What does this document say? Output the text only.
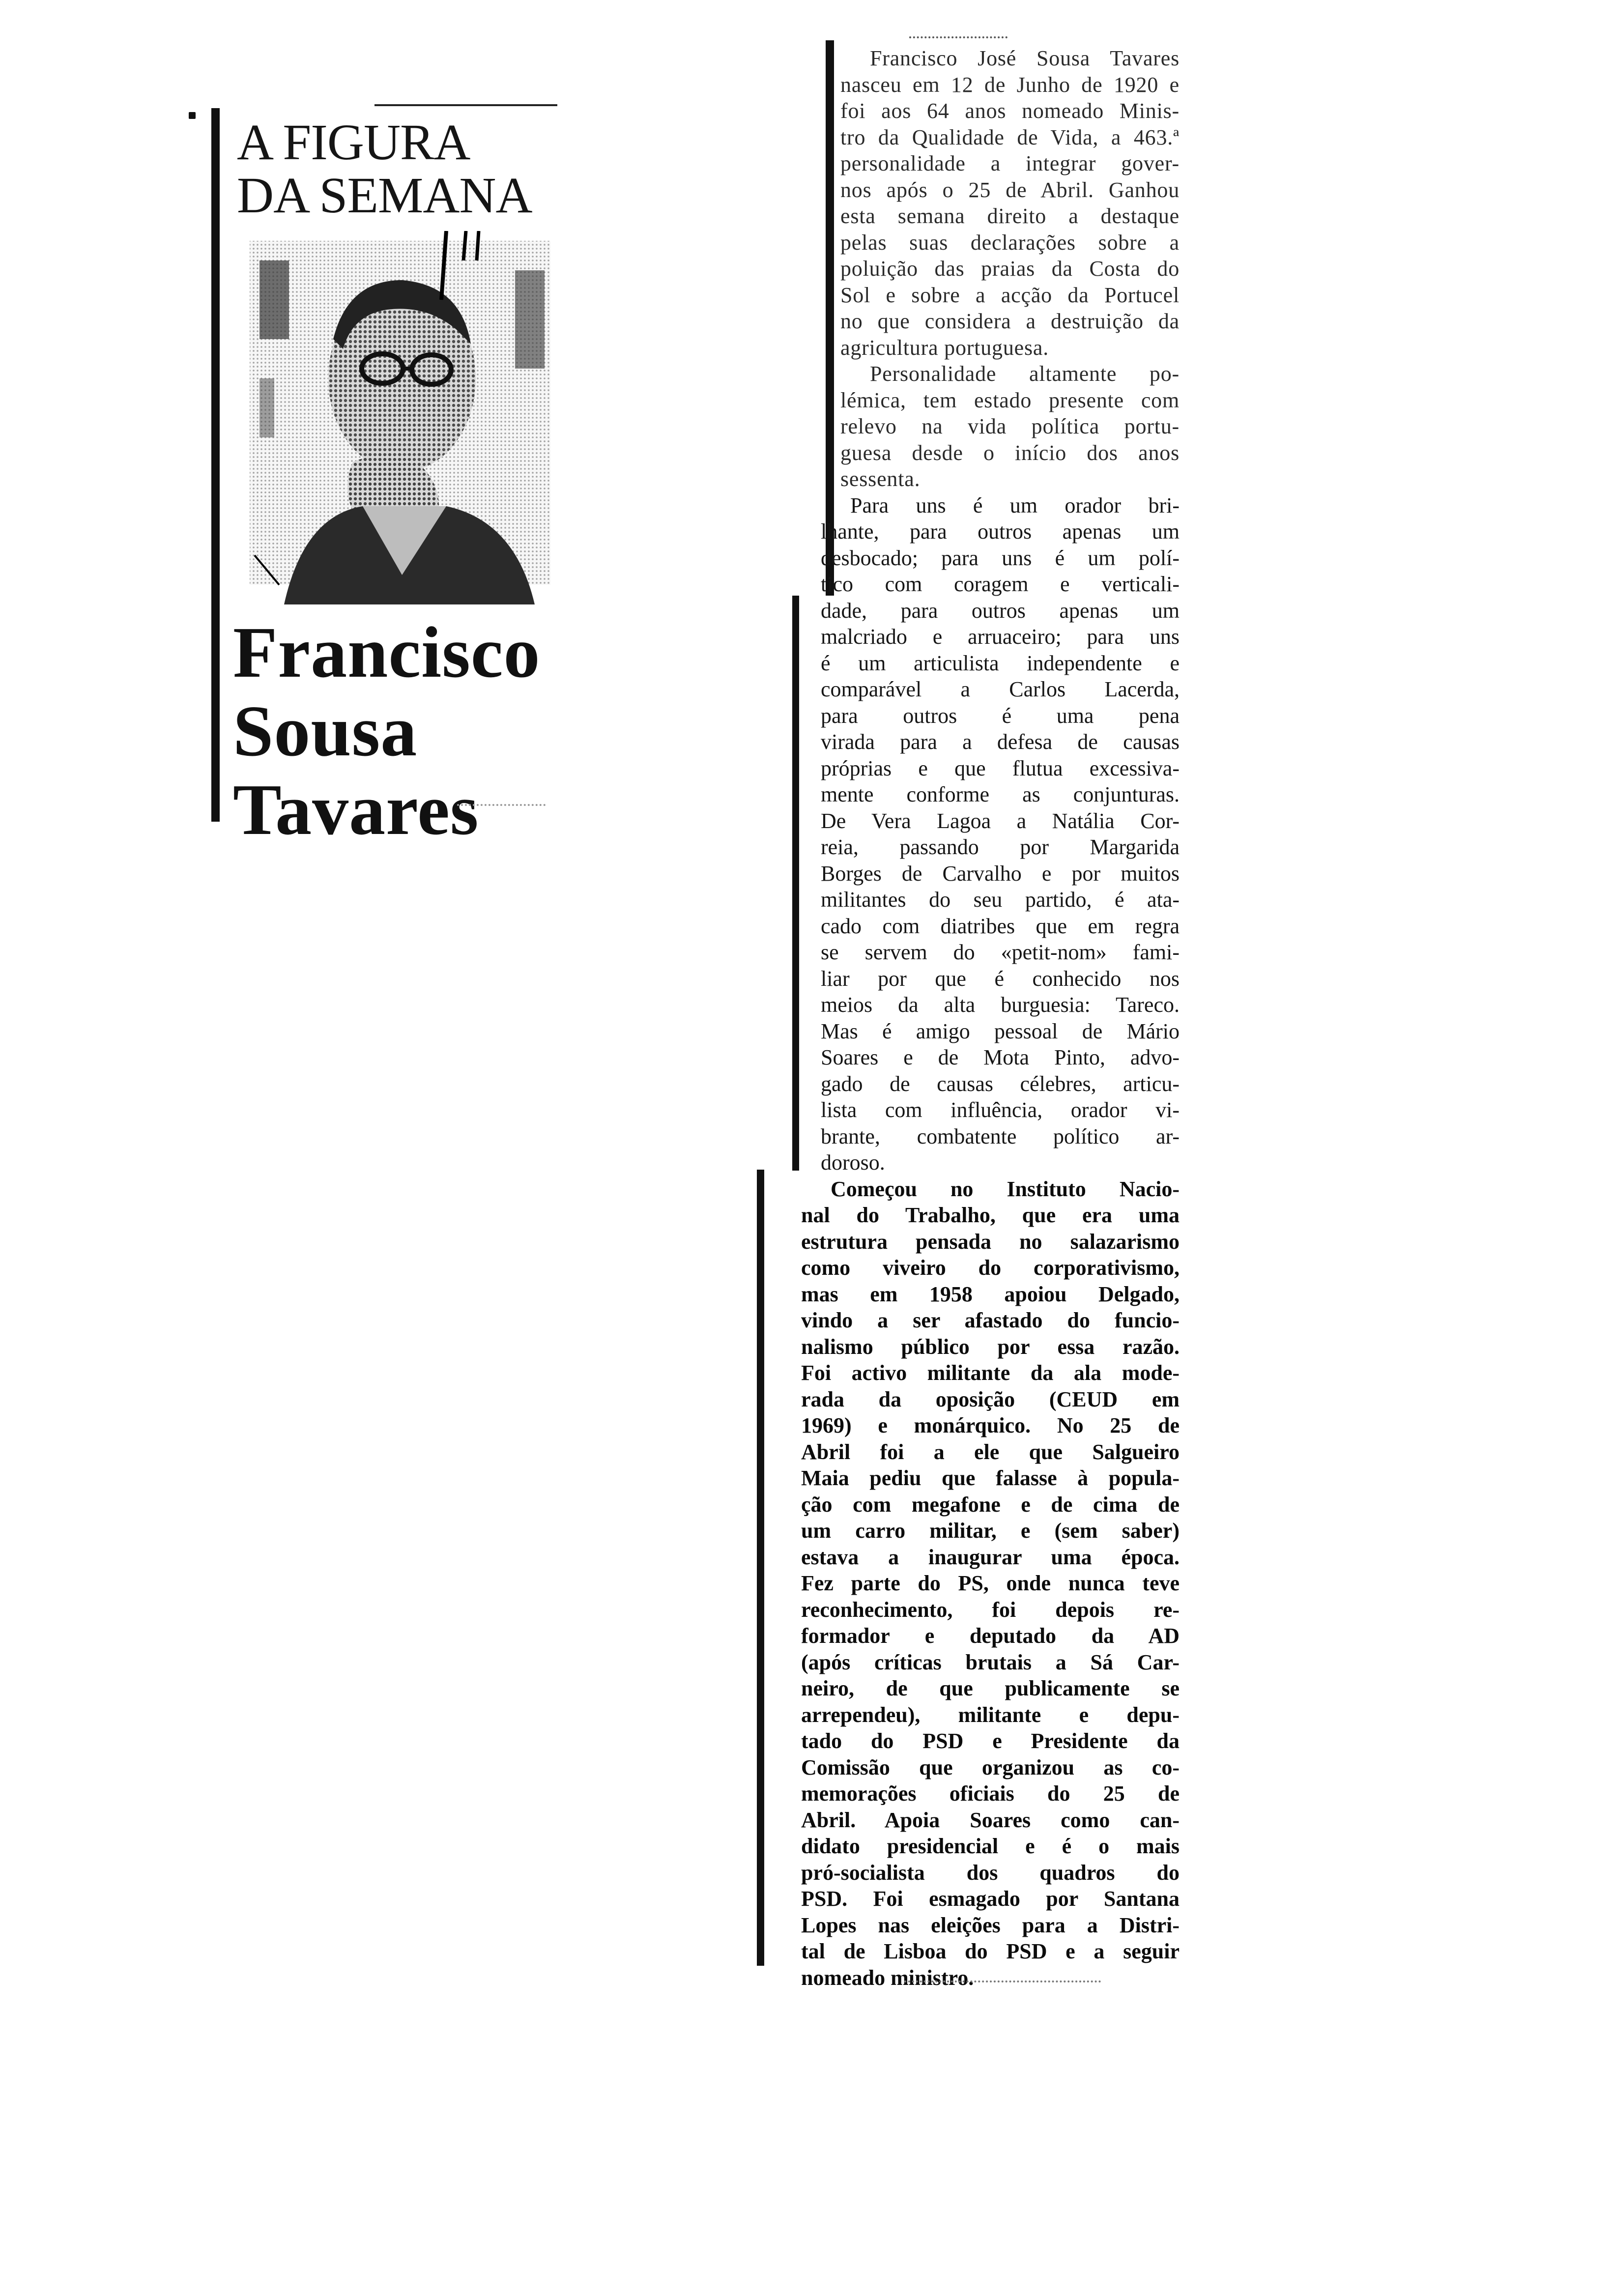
A FIGURA
DA SEMANA
Francisco
Sousa
Tavares

Francisco José Sousa Tavares
nasceu em 12 de Junho de 1920 e
foi aos 64 anos nomeado Minis-
tro da Qualidade de Vida, a 463.ª
personalidade a integrar gover-
nos após o 25 de Abril. Ganhou
esta semana direito a destaque
pelas suas declarações sobre a
poluição das praias da Costa do
Sol e sobre a acção da Portucel
no que considera a destruição da
agricultura portuguesa.

Personalidade altamente po-
lémica, tem estado presente com
relevo na vida política portu-
guesa desde o início dos anos
sessenta.

Para uns é um orador bri-
lhante, para outros apenas um
desbocado; para uns é um polí-
tico com coragem e verticali-
dade, para outros apenas um
malcriado e arruaceiro; para uns
é um articulista independente e
comparável a Carlos Lacerda,
para outros é uma pena
virada para a defesa de causas
próprias e que flutua excessiva-
mente conforme as conjunturas.
De Vera Lagoa a Natália Cor-
reia, passando por Margarida
Borges de Carvalho e por muitos
militantes do seu partido, é ata-
cado com diatribes que em regra
se servem do «petit-nom» fami-
liar por que é conhecido nos
meios da alta burguesia: Tareco.
Mas é amigo pessoal de Mário
Soares e de Mota Pinto, advo-
gado de causas célebres, articu-
lista com influência, orador vi-
brante, combatente político ar-
doroso.

Começou no Instituto Nacio-
nal do Trabalho, que era uma
estrutura pensada no salazarismo
como viveiro do corporativismo,
mas em 1958 apoiou Delgado,
vindo a ser afastado do funcio-
nalismo público por essa razão.
Foi activo militante da ala mode-
rada da oposição (CEUD em
1969) e monárquico. No 25 de
Abril foi a ele que Salgueiro
Maia pediu que falasse à popula-
ção com megafone e de cima de
um carro militar, e (sem saber)
estava a inaugurar uma época.
Fez parte do PS, onde nunca teve
reconhecimento, foi depois re-
formador e deputado da AD
(após críticas brutais a Sá Car-
neiro, de que publicamente se
arrependeu), militante e depu-
tado do PSD e Presidente da
Comissão que organizou as co-
memorações oficiais do 25 de
Abril. Apoia Soares como can-
didato presidencial e é o mais
pró-socialista dos quadros do
PSD. Foi esmagado por Santana
Lopes nas eleições para a Distri-
tal de Lisboa do PSD e a seguir
nomeado ministro.
